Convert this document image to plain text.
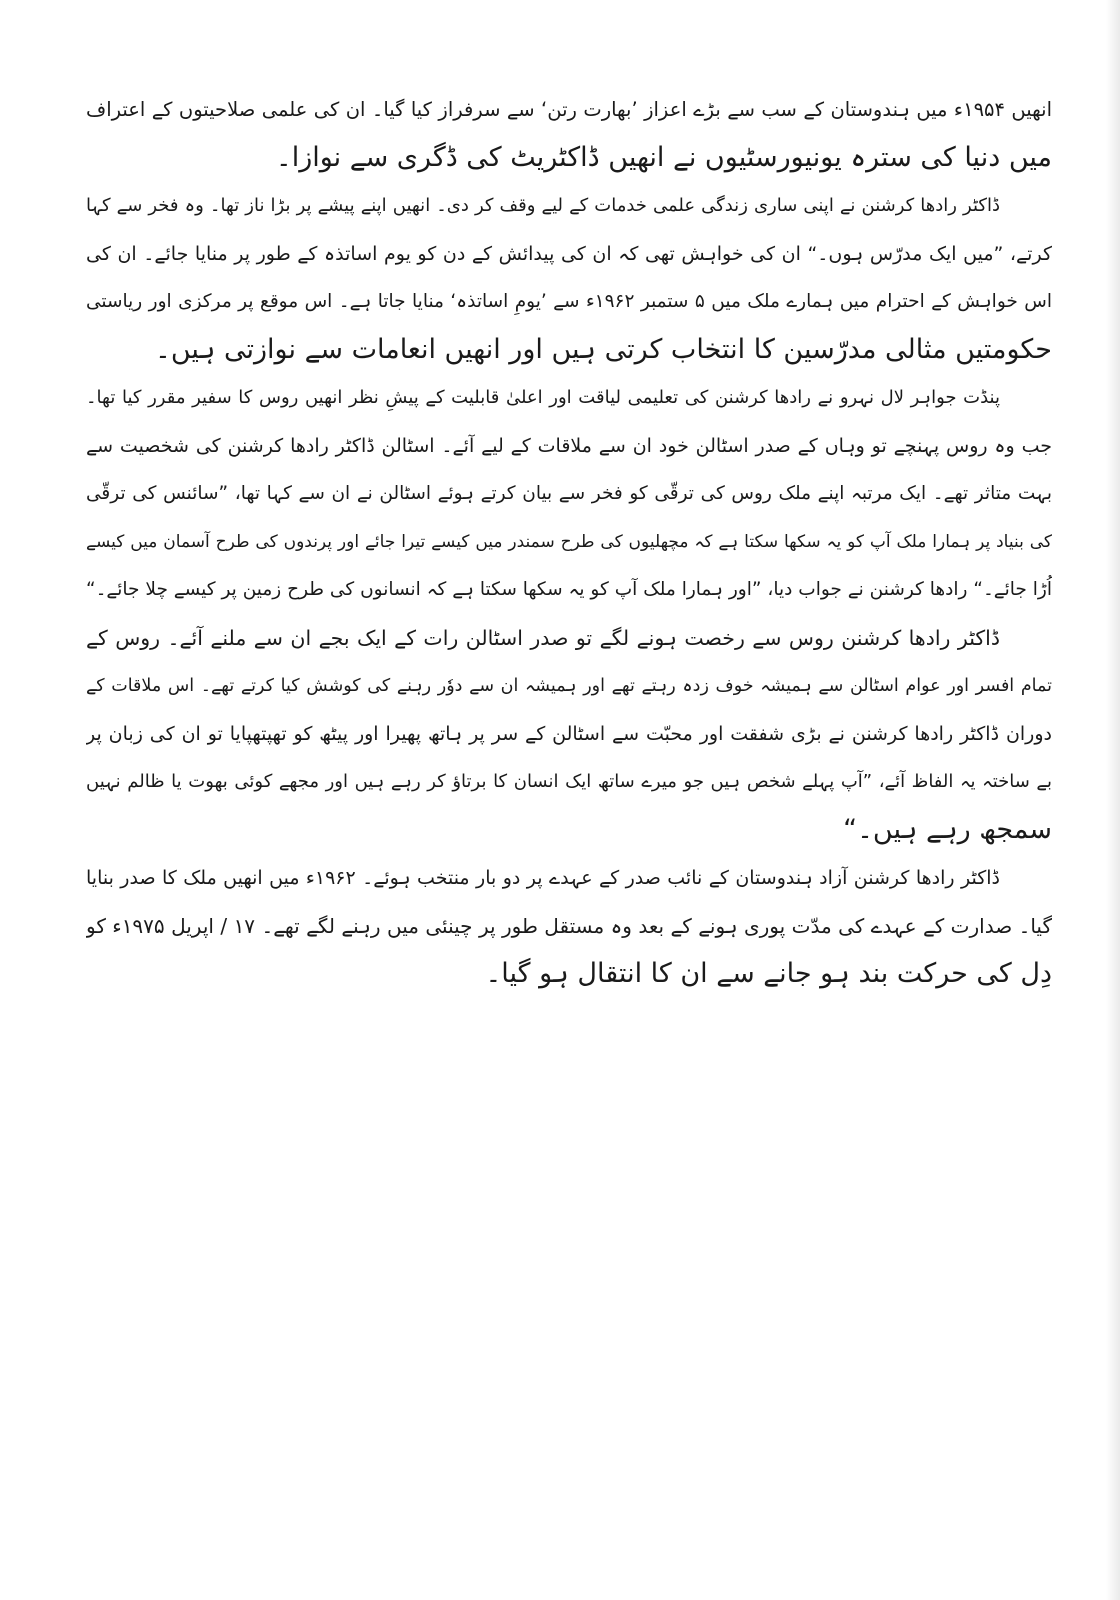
انھیں ۱۹۵۴ء میں ہندوستان کے سب سے بڑے اعزاز ’بھارت رتن‘ سے سرفراز کیا گیا۔ ان کی علمی صلاحیتوں کے اعتراف
میں دنیا کی سترہ یونیورسٹیوں نے انھیں ڈاکٹریٹ کی ڈگری سے نوازا۔
ڈاکٹر رادھا کرشنن نے اپنی ساری زندگی علمی خدمات کے لیے وقف کر دی۔ انھیں اپنے پیشے پر بڑا ناز تھا۔ وہ فخر سے کہا
کرتے، ”میں ایک مدرّس ہوں۔“ ان کی خواہش تھی کہ ان کی پیدائش کے دن کو یوم اساتذہ کے طور پر منایا جائے۔ ان کی
اس خواہش کے احترام میں ہمارے ملک میں ۵ ستمبر ۱۹۶۲ء سے ’یومِ اساتذہ‘ منایا جاتا ہے۔ اس موقع پر مرکزی اور ریاستی
حکومتیں مثالی مدرّسین کا انتخاب کرتی ہیں اور انھیں انعامات سے نوازتی ہیں۔
پنڈت جواہر لال نہرو نے رادھا کرشنن کی تعلیمی لیاقت اور اعلیٰ قابلیت کے پیشِ نظر انھیں روس کا سفیر مقرر کیا تھا۔
جب وہ روس پہنچے تو وہاں کے صدر اسٹالن خود ان سے ملاقات کے لیے آئے۔ اسٹالن ڈاکٹر رادھا کرشنن کی شخصیت سے
بہت متاثر تھے۔ ایک مرتبہ اپنے ملک روس کی ترقّی کو فخر سے بیان کرتے ہوئے اسٹالن نے ان سے کہا تھا، ”سائنس کی ترقّی
کی بنیاد پر ہمارا ملک آپ کو یہ سکھا سکتا ہے کہ مچھلیوں کی طرح سمندر میں کیسے تیرا جائے اور پرندوں کی طرح آسمان میں کیسے
اُڑا جائے۔“ رادھا کرشنن نے جواب دیا، ”اور ہمارا ملک آپ کو یہ سکھا سکتا ہے کہ انسانوں کی طرح زمین پر کیسے چلا جائے۔“
ڈاکٹر رادھا کرشنن روس سے رخصت ہونے لگے تو صدر اسٹالن رات کے ایک بجے ان سے ملنے آئے۔ روس کے
تمام افسر اور عوام اسٹالن سے ہمیشہ خوف زدہ رہتے تھے اور ہمیشہ ان سے دوٗر رہنے کی کوشش کیا کرتے تھے۔ اس ملاقات کے
دوران ڈاکٹر رادھا کرشنن نے بڑی شفقت اور محبّت سے اسٹالن کے سر پر ہاتھ پھیرا اور پیٹھ کو تھپتھپایا تو ان کی زبان پر
بے ساختہ یہ الفاظ آئے، ”آپ پہلے شخص ہیں جو میرے ساتھ ایک انسان کا برتاؤ کر رہے ہیں اور مجھے کوئی بھوت یا ظالم نہیں
سمجھ رہے ہیں۔“
ڈاکٹر رادھا کرشنن آزاد ہندوستان کے نائب صدر کے عہدے پر دو بار منتخب ہوئے۔ ۱۹۶۲ء میں انھیں ملک کا صدر بنایا
گیا۔ صدارت کے عہدے کی مدّت پوری ہونے کے بعد وہ مستقل طور پر چینئی میں رہنے لگے تھے۔ ۱۷ / اپریل ۱۹۷۵ء کو
دِل کی حرکت بند ہو جانے سے ان کا انتقال ہو گیا۔
